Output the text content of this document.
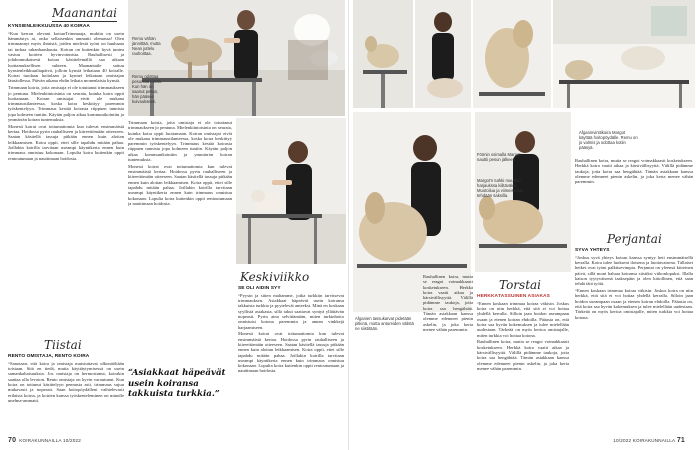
Maanantai
KYNSIENLEIKKUUSSA 40 KOIRAA

“Kun kerron olevani koiranTrimmaaja, mukiin on usein hämmästys ai, onko sellaisenkin ammatti olemassa! Olen trimmannyt myös ihmisiä, joiden mielestä työni on huuhaata tai turhaa rahanhaaskuuta. Koiran on kuitenkin hyvä tuntea vastuu koirien hyvinvoinnista. Rauhallisesti ja johdonmukaisesti koiraa käsittelemällä saa aikaan luottamuksellisen suhteen. Maanantaile sattuu kynsienleikkuuiltapäivä, jolloin kynsiä leikataan 40 koiralle. Koirat tuodaan hoitolaan ja kynnet leikataan omistajan läsnäollessa. Päivän aikana ehdin leikata monenlaisia kynsiä.

Trimmaan koiria, joita omistaja ei ole totuttanut trimmaukseen jo pentuna. Mielenkiintoisinta on seurata, kuinka koira oppii luottamaan. Koiran omistajat eivät ole mukana trimmaustilanteessa, koska koira keskittyy paremmin työskentelyyn. Trimmaus kestää koirasta riippuen tunnista jopa kolmeen tuntiin. Käytän paljon aikaa kommunikointiin ja ymmärrän koiran tuntemuksia.

Monesti koirat ovat tottumattomia kun tulevat ensimmäistä kertaa. Hoidossa pyrin rauhalliseen ja kiireettömään otteeseen. Saatan käsitellä tassuja pitkään ennen kuin aloitan leikkaamisen. Koira oppii, ettei sille tapahdu mitään pahaa. Joillakin koirilla tarvitaan useampi käyntikerta ennen kuin trimmaus onnistuu kokonaan. Lopulta koira kuitenkin oppii rentoutumaan ja nauttimaan hoidosta.

Tiistai
RENTO OMISTAJA, RENTO KOIRA

“Sanotaan, että koira ja omistaja muistuttavat ulkonäöltään toisiaan. Sitä en tiedä, mutta käyttäytymisessä on usein samankaltaisuuksia. Jos omistaja on hermostunut, koirakin saattaa olla levoton. Rento omistaja on hyvin varautunut. Kun koira on tottunut käsittelyyn pennusta asti, trimmaus sujuu mukavasti ja nopeasti. Saan hoitopöydälleni vaihtelevasti erilaisia koiria, ja koirien kanssa työskenteleminen on minulle unelma-ammatti.

Remu vähän jännittää, mutta Nean juttelu rauhoittaa.
Remu odottaa pesuntaa kiltisti. Kun hän on saanut pesun, hän pääsee kuivaukseen.

Trimmaan koiria, joita omistaja ei ole totuttanut trimmaukseen jo pentuna. Mielenkiintoisinta on seurata, kuinka koira oppii luottamaan. Koiran omistajat eivät ole mukana trimmaustilanteessa, koska koira keskittyy paremmin työskentelyyn. Trimmaus kestää koirasta riippuen tunnista jopa kolmeen tuntiin. Käytän paljon aikaa kommunikointiin ja ymmärrän koiran tuntemuksia.

Monesti koirat ovat tottumattomia kun tulevat ensimmäistä kertaa. Hoidossa pyrin rauhalliseen ja kiireettömään otteeseen. Saatan käsitellä tassuja pitkään ennen kuin aloitan leikkaamisen. Koira oppii, ettei sille tapahdu mitään pahaa. Joillakin koirilla tarvitaan useampi käyntikerta ennen kuin trimmaus onnistuu kokonaan. Lopulta koira kuitenkin oppii rentoutumaan ja nauttimaan hoidosta.

“Asiakkaat häpeävät usein koiransa takkuista turkkia.”
Keskiviikko
SE OLI ÄIDIN SYY

“Pyysin ja sitten maltamme, jotka turkkiin tarvitsevat trimmauksen. Asiakkaat häpeävät usein koiransa takkuista turkkia ja pyytelevät anteeksi. Minä en koskaan syyllistä asiakasta, sillä takut saattavat syntyä yllättävän nopeasti. Pyrin aina selvittämään, miten turkinhoito onnistuisi kotona paremmin ja annan vinkkejä harjaamiseen.

Monesti koirat ovat tottumattomia kun tulevat ensimmäistä kertaa. Hoidossa pyrin rauhalliseen ja kiireettömään otteeseen. Saatan käsitellä tassuja pitkään ennen kuin aloitan leikkaamisen. Koira oppii, ettei sille tapahdu mitään pahaa. Joillakin koirilla tarvitaan useampi käyntikerta ennen kuin trimmaus onnistuu kokonaan. Lopulta koira kuitenkin oppii rentoutumaan ja nauttimaan hoidosta.

70 KOIRAKUNNAILLA 10/2022
Afganinvinttikoira Margot käyttää hoitopöydälle. Remu on jo valmis ja odottaa kotiin pääsyä.
Föönin voimalla Margot nauttii pesun jälkeen.
Margot'n turkki muuttuu harjaukssa kiiltäväksi. Muotoilua ja viimeistelyä tehdään saksilla.
Afganien tassukarvat pidetään pitkinä, mutta antureiden välistä ne siistitään.

Rauhallinen koira, mutta se reagoi voimakkaasti kosketukseen. Herkkä koira vaatii aikaa ja kärsivällisyyttä. Välillä pidämme taukoja, jotta koira saa hengähtää. Tämän asiakkaan kanssa olemme edenneet pienin askelin, ja joka kerta menee vähän paremmin.

Torstai
HERKKÄTASSUINEN ASIAKAS

“Ennen koskaan trimmaa koiraa väkisin. Joskus koira on niin herkkä, että sitä ei voi hoitaa yhdellä kerralla. Silloin jaan hoidon useampaan osaan ja etenen koiran ehdoilla. Pääasia on, että koira saa hyvän kokemuksen ja tulee mielellään uudestaan. Tärkeää on myös kertoa omistajalle, miten turkkia voi hoitaa kotona.

Rauhallinen koira, mutta se reagoi voimakkaasti kosketukseen. Herkkä koira vaatii aikaa ja kärsivällisyyttä. Välillä pidämme taukoja, jotta koira saa hengähtää. Tämän asiakkaan kanssa olemme edenneet pienin askelin, ja joka kerta menee vähän paremmin.

Rauhallinen koira, mutta se reagoi voimakkaasti kosketukseen. Herkkä koira vaatii aikaa ja kärsivällisyyttä. Välillä pidämme taukoja, jotta koira saa hengähtää. Tämän asiakkaan kanssa olemme edenneet pienin askelin, ja joka kerta menee vähän paremmin.

Perjantai
SYVÄ YHTEYS

“Joskus syvä yhteys koiran kanssa syntyy heti ensimmäisellä kerralla. Koira tulee luokseni iloisena ja luottavaisena. Tällaiset hetket ovat työni palkitsevimpia. Perjantai on yleensä kiireinen päivä, sillä moni haluaa koiransa siistiksi viikonlopuksi. Illalla katson tyytyväisenä taaksepäin ja olen kiitollinen, että saan tehdä tätä työtä.

“Ennen koskaan trimmaa koiraa väkisin. Joskus koira on niin herkkä, että sitä ei voi hoitaa yhdellä kerralla. Silloin jaan hoidon useampaan osaan ja etenen koiran ehdoilla. Pääasia on, että koira saa hyvän kokemuksen ja tulee mielellään uudestaan. Tärkeää on myös kertoa omistajalle, miten turkkia voi hoitaa kotona.

10/2022 KOIRAKUNNAILLA 71
